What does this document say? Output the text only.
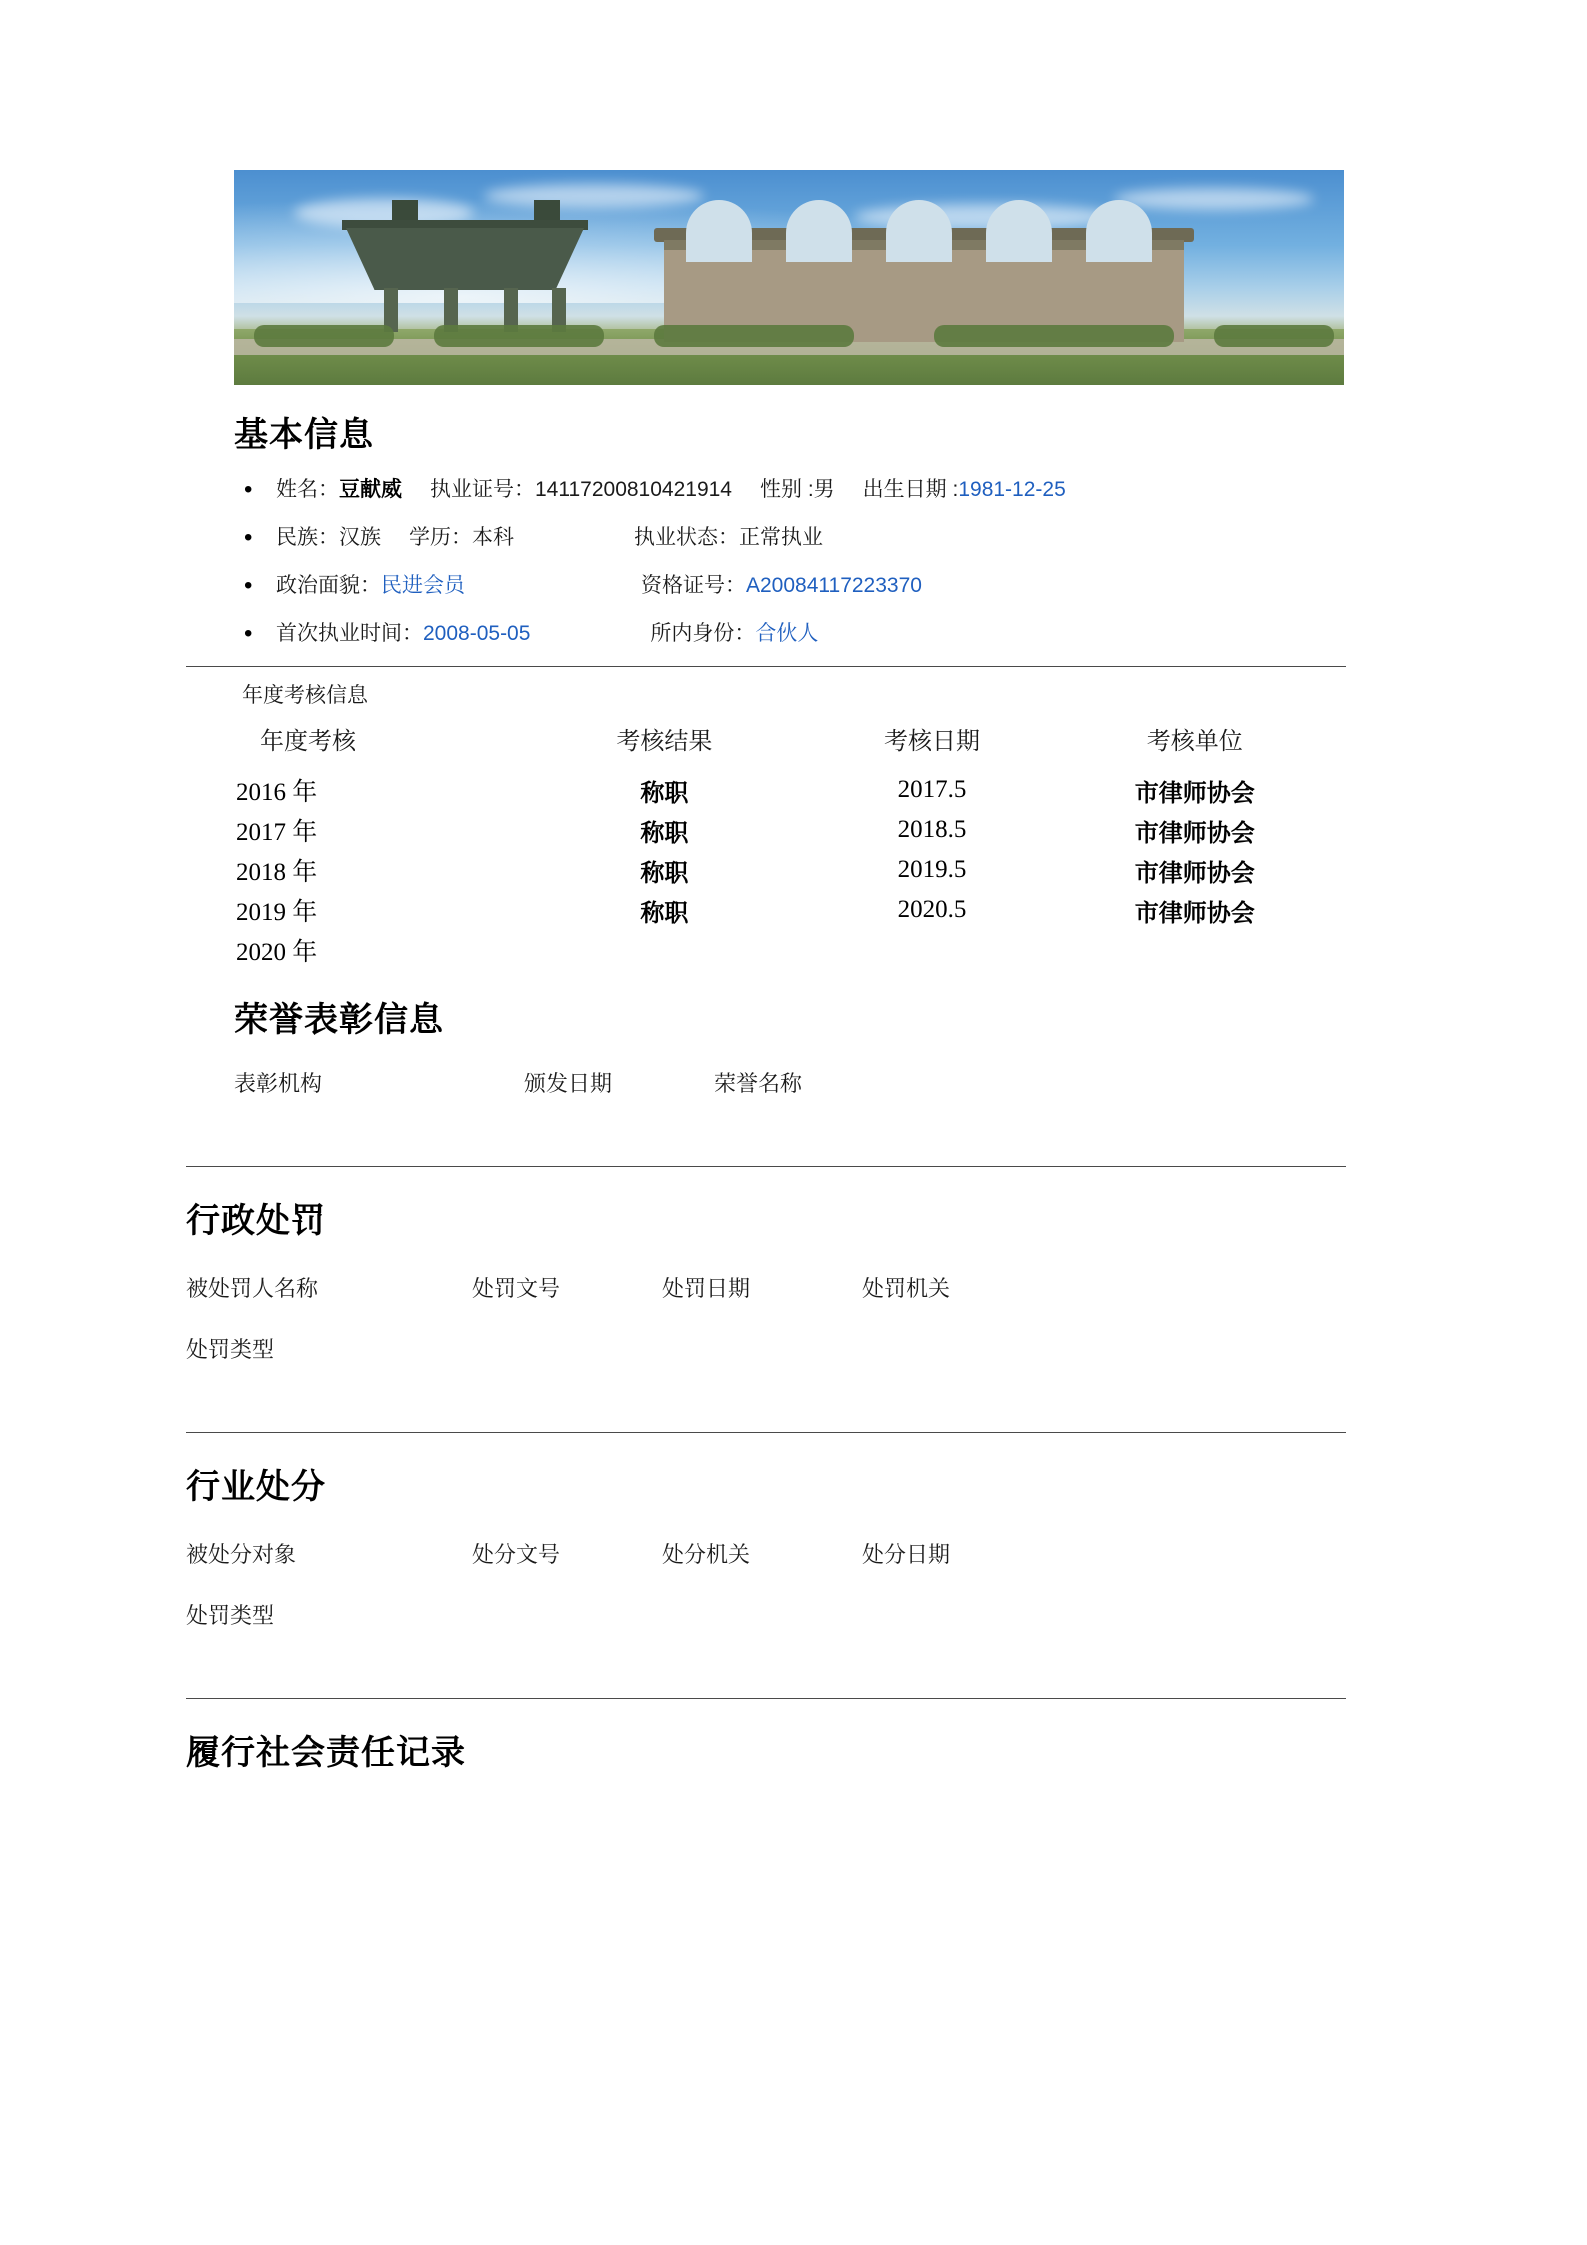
基本信息
• 姓名：豆献威 执业证号：14117200810421914 性别 :男 出生日期 :1981-12-25
• 民族：汉族 学历：本科	执业状态：正常执业
• 政治面貌：民进会员	资格证号：A20084117223370
• 首次执业时间：2008-05-05	所内身份：合伙人
年度考核信息
年度考核	考核结果	考核日期	考核单位
2016 年	称职	2017.5	市律师协会
2017 年	称职	2018.5	市律师协会
2018 年	称职	2019.5	市律师协会
2019 年	称职	2020.5	市律师协会
2020 年			
荣誉表彰信息
表彰机构	颁发日期	荣誉名称
行政处罚
被处罚人名称	处罚文号	处罚日期	处罚机关
处罚类型
行业处分
被处分对象	处分文号	处分机关	处分日期
处罚类型
履行社会责任记录
